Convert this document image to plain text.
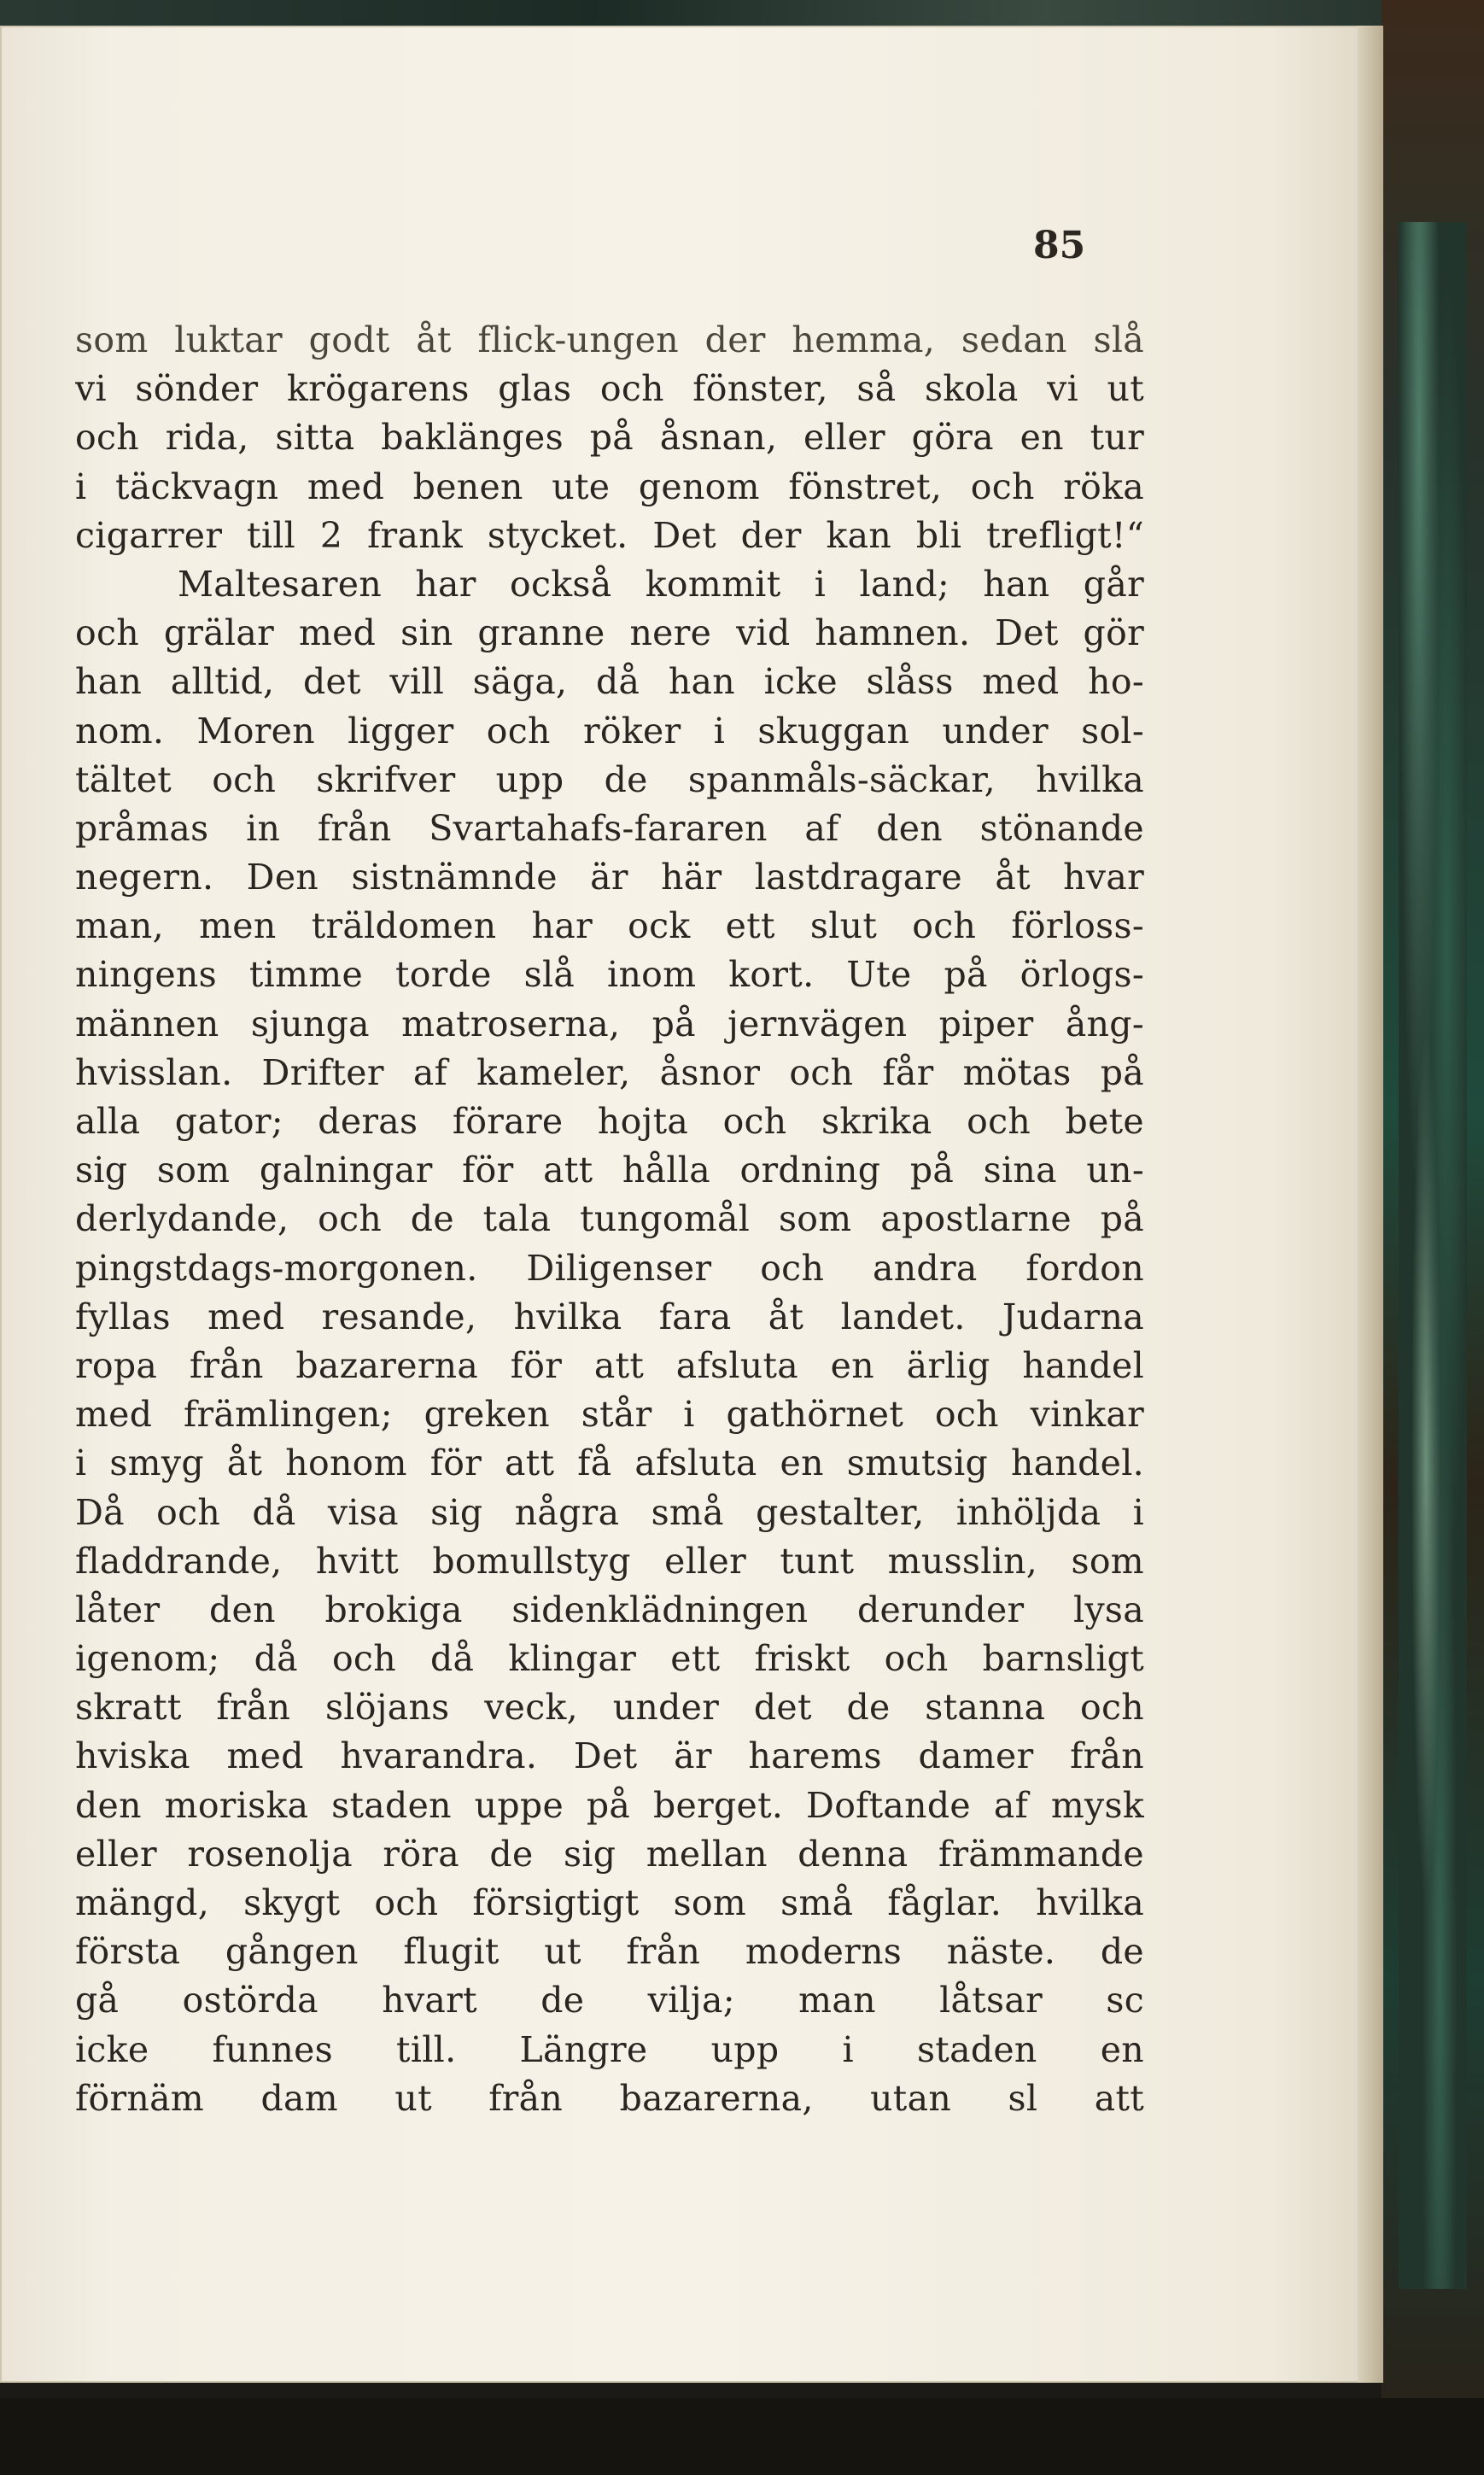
85
som luktar godt åt flick-ungen der hemma, sedan slå
vi sönder krögarens glas och fönster, så skola vi ut
och rida, sitta baklänges på åsnan, eller göra en tur
i täckvagn med benen ute genom fönstret, och röka
cigarrer till 2 frank stycket. Det der kan bli trefligt!“
Maltesaren har också kommit i land; han går
och grälar med sin granne nere vid hamnen. Det gör
han alltid, det vill säga, då han icke slåss med ho-
nom. Moren ligger och röker i skuggan under sol-
tältet och skrifver upp de spanmåls-säckar, hvilka
pråmas in från Svartahafs-fararen af den stönande
negern. Den sistnämnde är här lastdragare åt hvar
man, men träldomen har ock ett slut och förloss-
ningens timme torde slå inom kort. Ute på örlogs-
männen sjunga matroserna, på jernvägen piper ång-
hvisslan. Drifter af kameler, åsnor och får mötas på
alla gator; deras förare hojta och skrika och bete
sig som galningar för att hålla ordning på sina un-
derlydande, och de tala tungomål som apostlarne på
pingstdags-morgonen. Diligenser och andra fordon
fyllas med resande, hvilka fara åt landet. Judarna
ropa från bazarerna för att afsluta en ärlig handel
med främlingen; greken står i gathörnet och vinkar
i smyg åt honom för att få afsluta en smutsig handel.
Då och då visa sig några små gestalter, inhöljda i
fladdrande, hvitt bomullstyg eller tunt musslin, som
låter den brokiga sidenklädningen derunder lysa
igenom; då och då klingar ett friskt och barnsligt
skratt från slöjans veck, under det de stanna och
hviska med hvarandra. Det är harems damer från
den moriska staden uppe på berget. Doftande af mysk
eller rosenolja röra de sig mellan denna främmande
mängd, skygt och försigtigt som små fåglar. hvilka
första gången flugit ut från moderns näste. de
gå ostörda hvart de vilja; man låtsar sc
icke funnes till. Längre upp i staden en
förnäm dam ut från bazarerna, utan sl att
